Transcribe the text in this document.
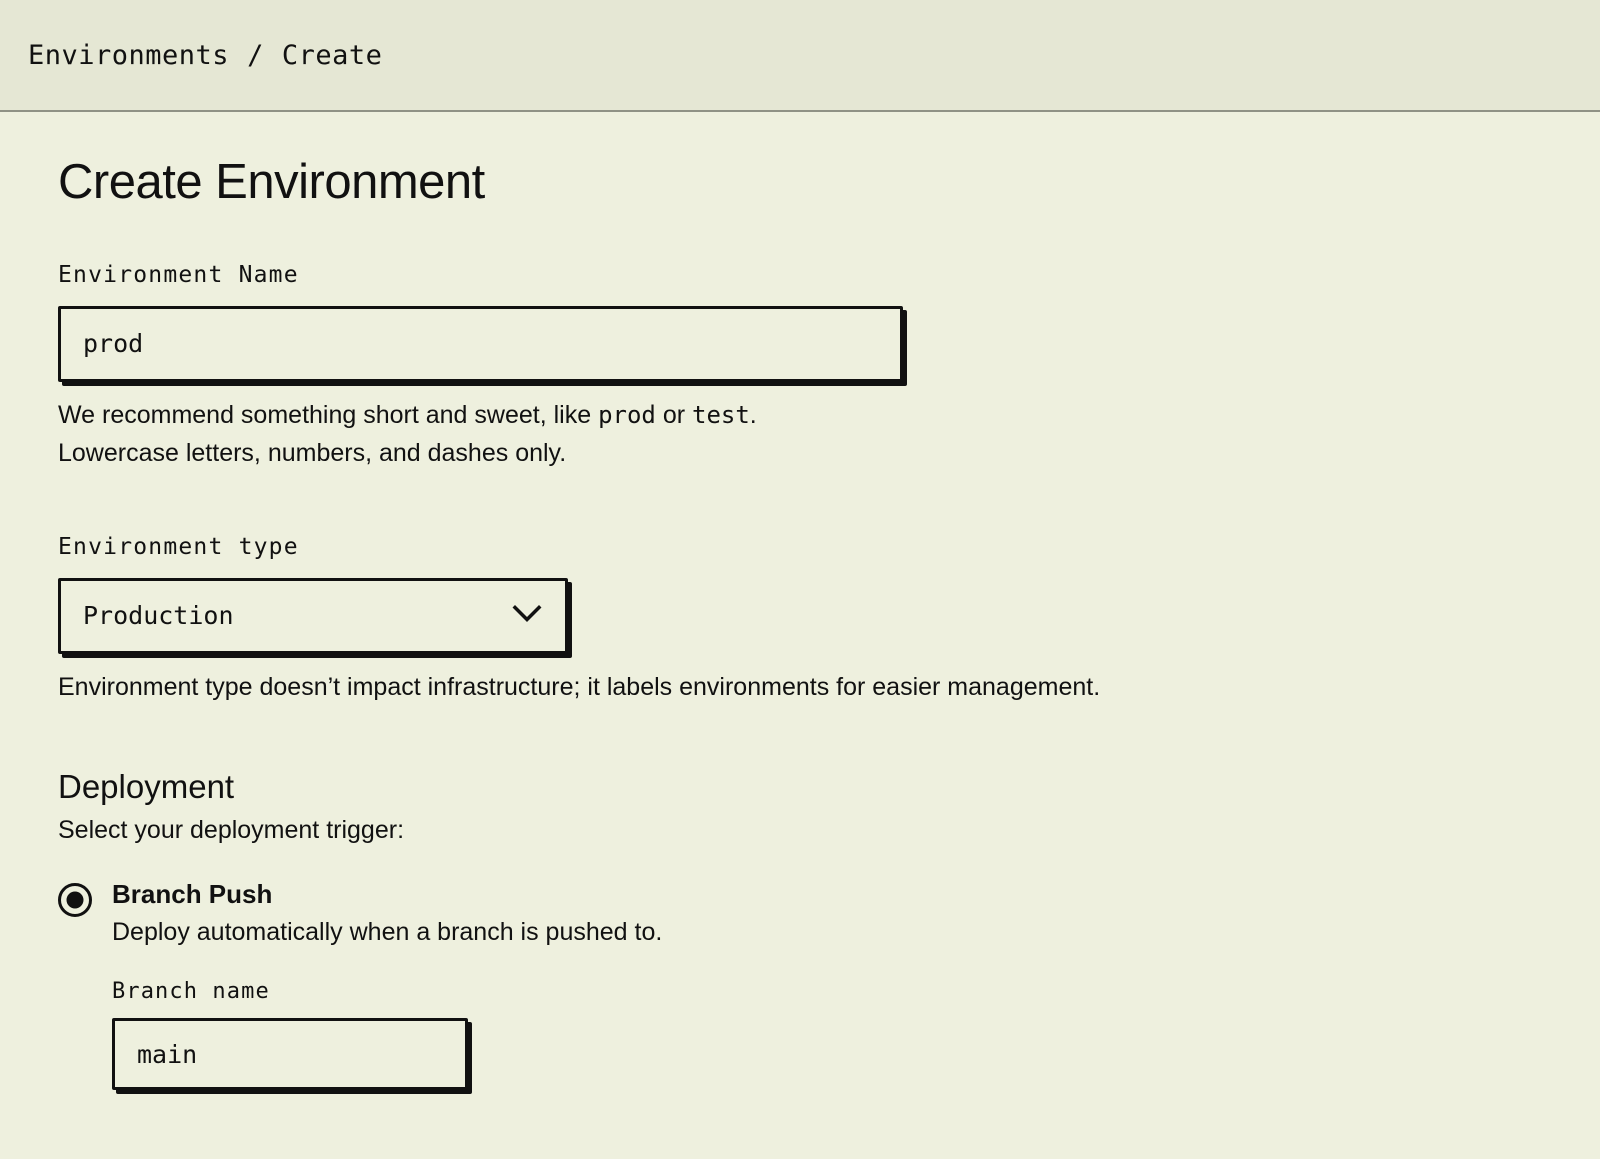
Environments / Create
Create Environment
Environment Name
prod
We recommend something short and sweet, like prod or test.
Lowercase letters, numbers, and dashes only.
Environment type
Production
Environment type doesn’t impact infrastructure; it labels environments for easier management.
Deployment

Select your deployment trigger:

Branch Push
Deploy automatically when a branch is pushed to.
Branch name
main
